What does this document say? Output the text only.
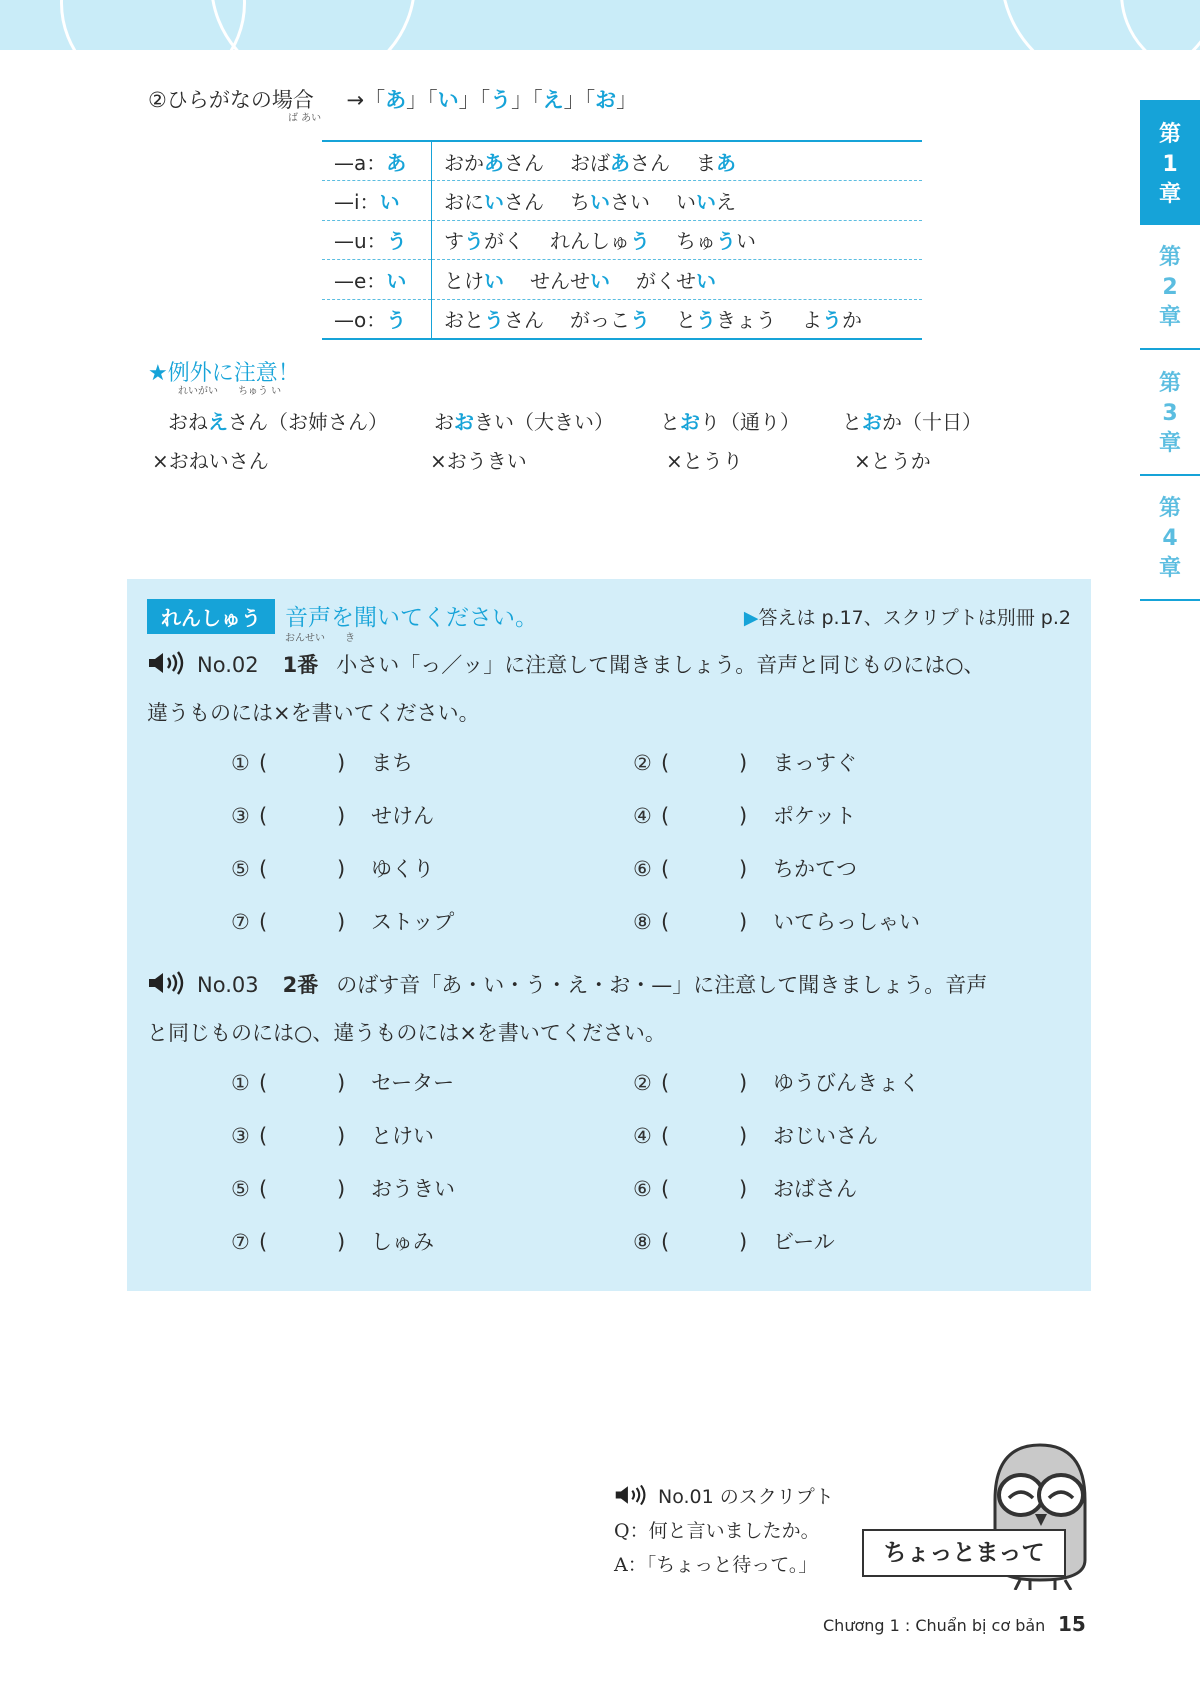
②ひらがなの場合
ば あい
→「あ」「い」「う」「え」「お」
—a：あ	おかあさん おばあさん まあ
—i：い	おにいさん ちいさい いいえ
—u：う	すうがく れんしゅう ちゅうい
—e：い	とけい せんせい がくせい
—o：う	おとうさん がっこう とうきょう ようか
★例外に注意！
れいがい　　ちゅう い
おねえさん（お姉さん） おおきい（大きい） とおり（通り） とおか（十日）
×おねいさん	×おうきい	×とうり	×とうか
れんしゅう	音声を聞いてください。
おんせい　　き
▶答えは p.17、スクリプトは別冊 p.2
No.02 1番 小さい「っ／ッ」に注意して聞きましょう。音声と同じものには○、
違うものには×を書いてください。
① (	) まち	② (	) まっすぐ
③ (	) せけん	④ (	) ポケット
⑤ (	) ゆくり	⑥ (	) ちかてつ
⑦ (	) ストップ	⑧ (	) いてらっしゃい
No.03 2番 のばす音「あ・い・う・え・お・—」に注意して聞きましょう。音声
と同じものには○、違うものには×を書いてください。
① (	) セーター	② (	) ゆうびんきょく
③ (	) とけい	④ (	) おじいさん
⑤ (	) おうきい	⑥ (	) おばさん
⑦ (	) しゅみ	⑧ (	) ビール
No.01 のスクリプト
Q：何と言いましたか。
A：「ちょっと待って。」	ちょっとまって
第
1
章
第
2
章
第
3
章
第
4
章
Chương 1 : Chuẩn bị cơ bản 15
